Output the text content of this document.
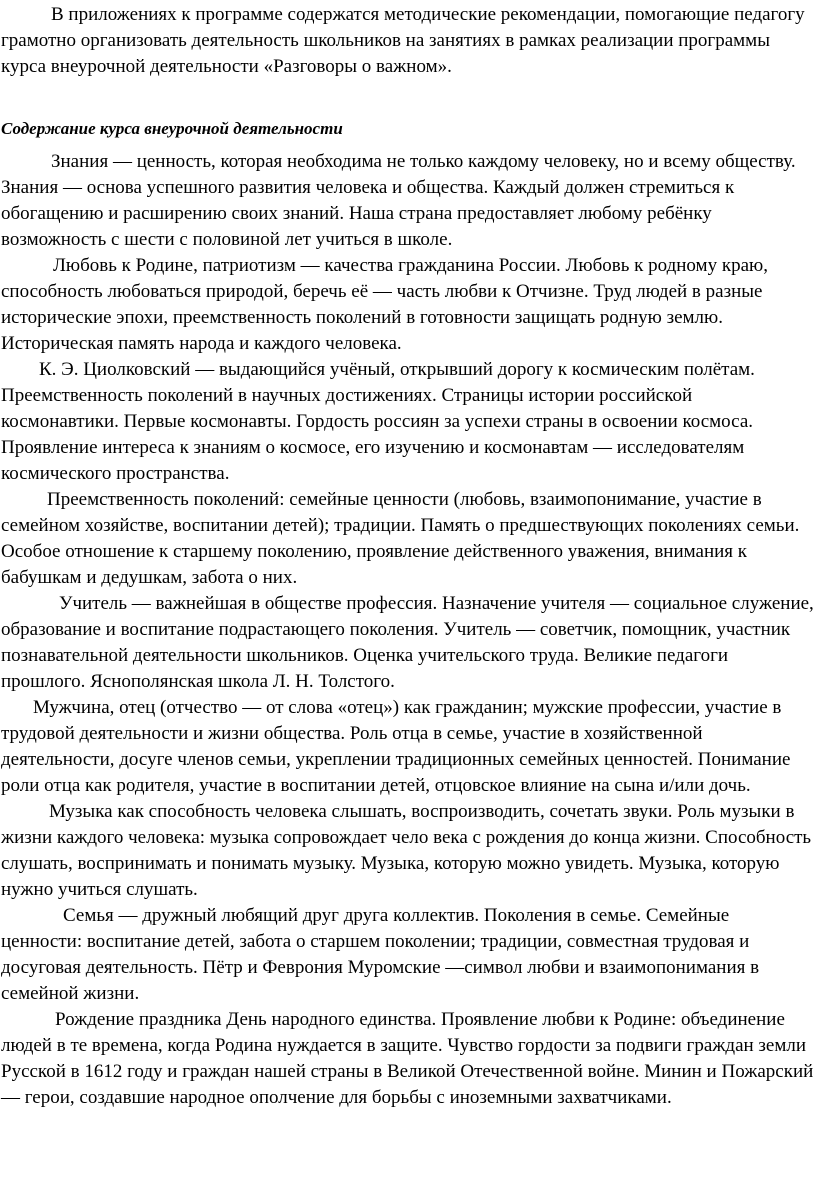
В приложениях к программе содержатся методические рекомендации, помогающие педагогу грамотно организовать деятельность школьников на занятиях в рамках реализации программы курса внеурочной деятельности «Разговоры о важном».

Содержание курса внеурочной деятельности

Знания — ценность, которая необходима не только каждому человеку, но и всему обществу. Знания — основа успешного развития человека и общества. Каждый должен стремиться к обогащению и расширению своих знаний. Наша страна предоставляет любому ребёнку возможность с шести с половиной лет учиться в школе.

Любовь к Родине, патриотизм — качества гражданина России. Любовь к родному краю, способность любоваться природой, беречь её — часть любви к Отчизне. Труд людей в разные исторические эпохи, преемственность поколений в готовности защищать родную землю. Историческая память народа и каждого человека.

К. Э. Циолковский — выдающийся учёный, открывший дорогу к космическим полётам. Преемственность поколений в научных достижениях. Страницы истории российской космонавтики. Первые космонавты. Гордость россиян за успехи страны в освоении космоса. Проявление интереса к знаниям о космосе, его изучению и космонавтам — исследователям космического пространства.

Преемственность поколений: семейные ценности (любовь, взаимопонимание, участие в семейном хозяйстве, воспитании детей); традиции. Память о предшествующих поколениях семьи. Особое отношение к старшему поколению, проявление действенного уважения, внимания к бабушкам и дедушкам, забота о них.

Учитель — важнейшая в обществе профессия. Назначение учителя — социальное служение, образование и воспитание подрастающего поколения. Учитель — советчик, помощник, участник познавательной деятельности школьников. Оценка учительского труда. Великие педагоги прошлого. Яснополянская школа Л. Н. Толстого.

Мужчина, отец (отчество — от слова «отец») как гражданин; мужские профессии, участие в трудовой деятельности и жизни общества. Роль отца в семье, участие в хозяйственной деятельности, досуге членов семьи, укреплении традиционных семейных ценностей. Понимание роли отца как родителя, участие в воспитании детей, отцовское влияние на сына и/или дочь.

Музыка как способность человека слышать, воспроизводить, сочетать звуки. Роль музыки в жизни каждого человека: музыка сопровождает чело века с рождения до конца жизни. Способность слушать, воспринимать и понимать музыку. Музыка, которую можно увидеть. Музыка, которую нужно учиться слушать.

Семья — дружный любящий друг друга коллектив. Поколения в семье. Семейные ценности: воспитание детей, забота о старшем поколении; традиции, совместная трудовая и досуговая деятельность. Пётр и Феврония Муромские —символ любви и взаимопонимания в семейной жизни.

Рождение праздника День народного единства. Проявление любви к Родине: объединение людей в те времена, когда Родина нуждается в защите. Чувство гордости за подвиги граждан земли Русской в 1612 году и граждан нашей страны в Великой Отечественной войне. Минин и Пожарский — герои, создавшие народное ополчение для борьбы с иноземными захватчиками.
